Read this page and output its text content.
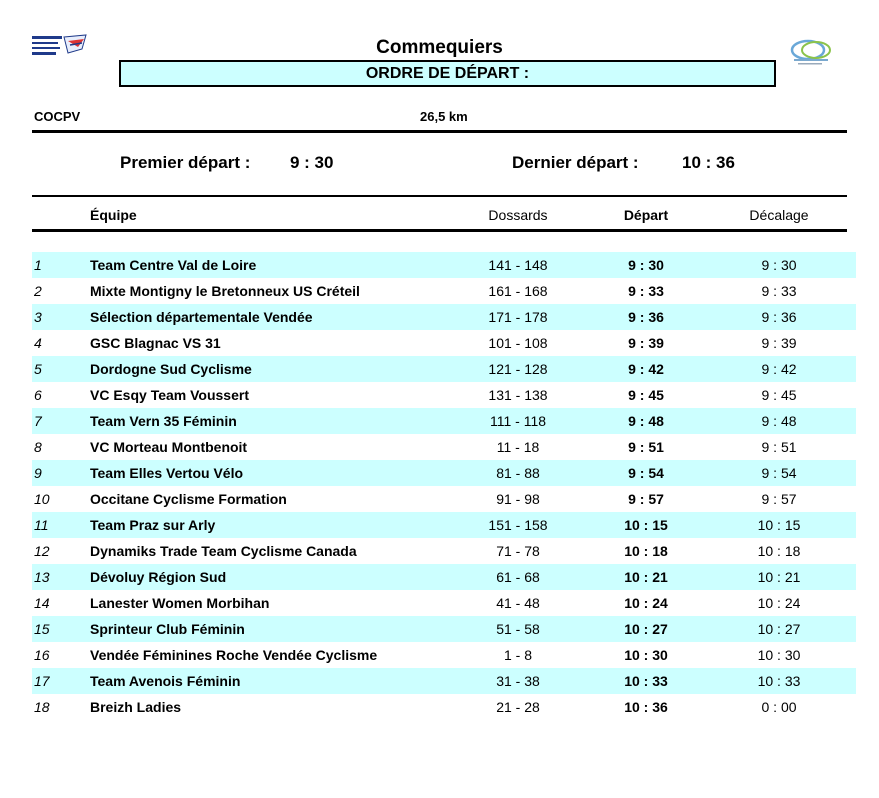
Commequiers
ORDRE DE DÉPART :
COCPV	26,5 km
Premier départ : 9 : 30	Dernier départ :	10 : 36
Équipe	Dossards	Départ	Décalage
1	Team Centre Val de Loire	141 - 148	9 : 30	9 : 30
2	Mixte Montigny le Bretonneux US Créteil	161 - 168	9 : 33	9 : 33
3	Sélection départementale Vendée	171 - 178	9 : 36	9 : 36
4	GSC Blagnac VS 31	101 - 108	9 : 39	9 : 39
5	Dordogne Sud Cyclisme	121 - 128	9 : 42	9 : 42
6	VC Esqy Team Voussert	131 - 138	9 : 45	9 : 45
7	Team Vern 35 Féminin	111 - 118	9 : 48	9 : 48
8	VC Morteau Montbenoit	11 - 18	9 : 51	9 : 51
9	Team Elles Vertou Vélo	81 - 88	9 : 54	9 : 54
10	Occitane Cyclisme Formation	91 - 98	9 : 57	9 : 57
11	Team Praz sur Arly	151 - 158	10 : 15	10 : 15
12	Dynamiks Trade Team Cyclisme Canada	71 - 78	10 : 18	10 : 18
13	Dévoluy Région Sud	61 - 68	10 : 21	10 : 21
14	Lanester Women Morbihan	41 - 48	10 : 24	10 : 24
15	Sprinteur Club Féminin	51 - 58	10 : 27	10 : 27
16	Vendée Féminines Roche Vendée Cyclisme	1 - 8	10 : 30	10 : 30
17	Team Avenois Féminin	31 - 38	10 : 33	10 : 33
18	Breizh Ladies	21 - 28	10 : 36	0 : 00
